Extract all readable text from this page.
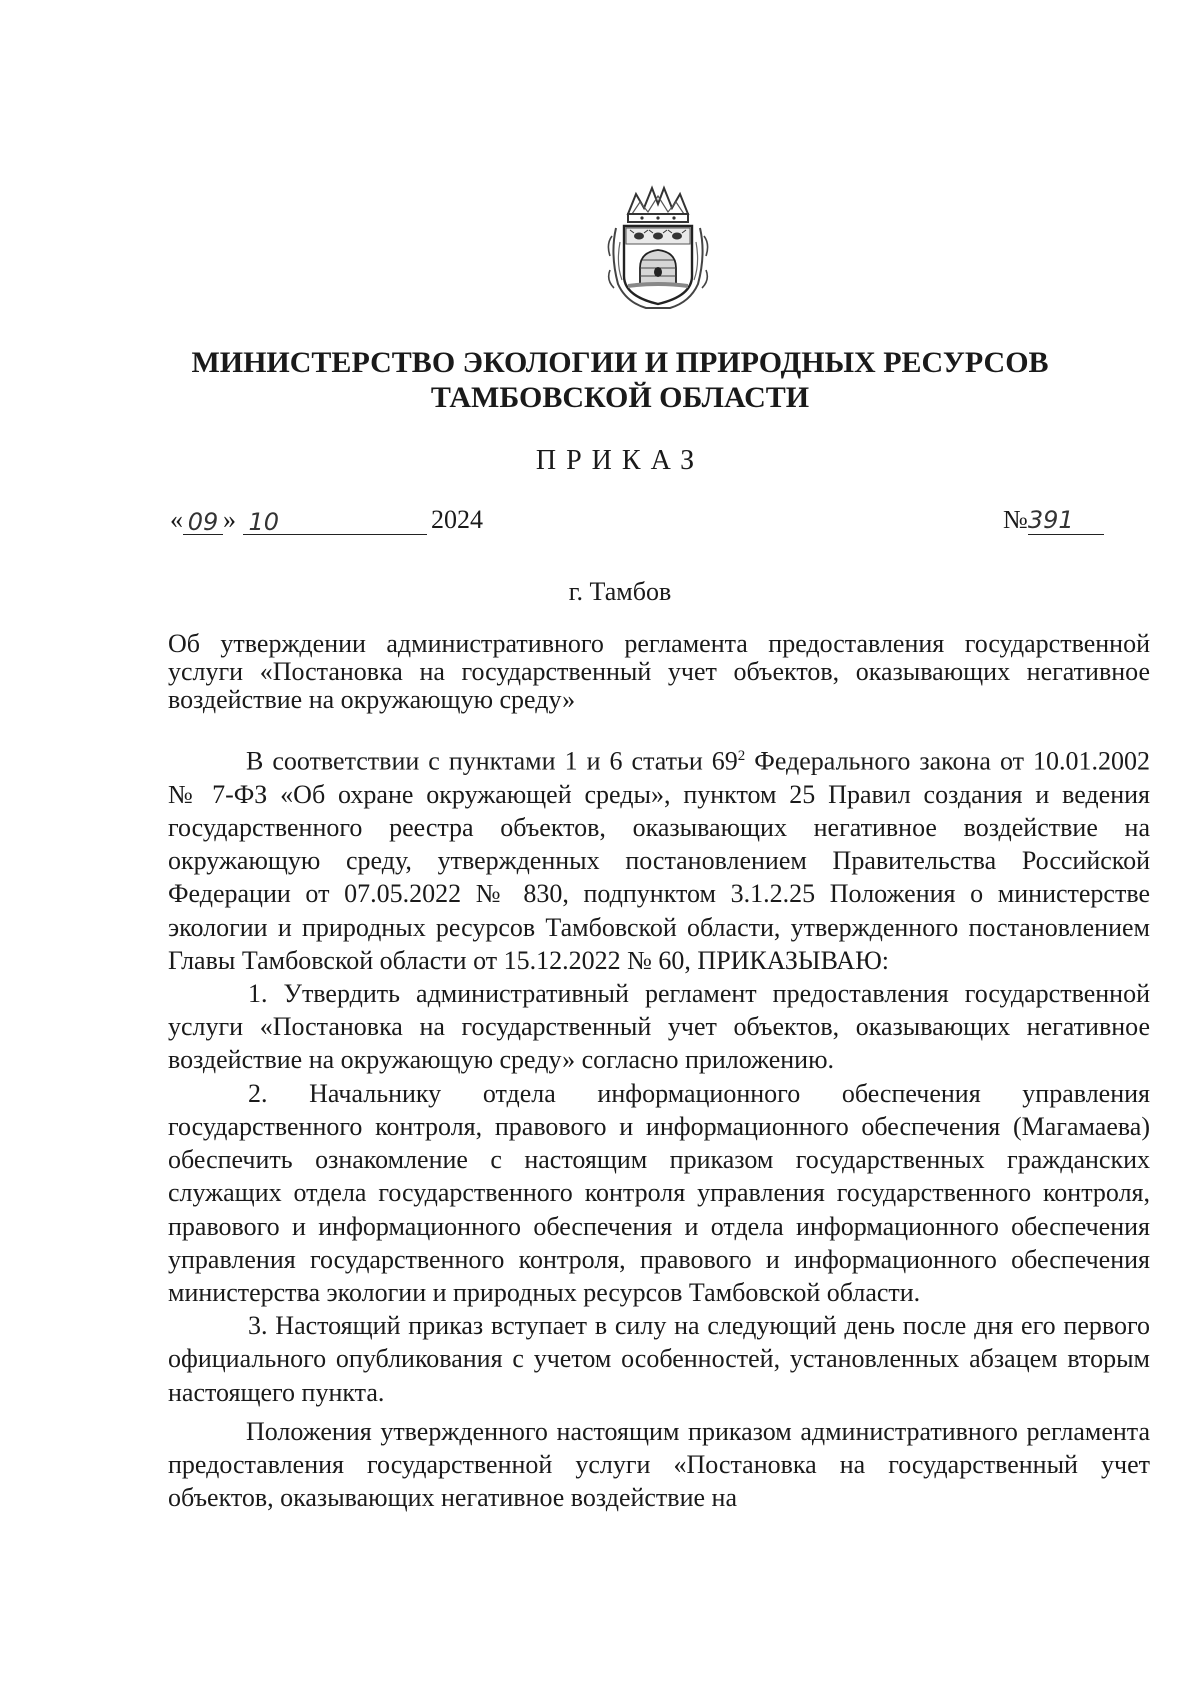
МИНИСТЕРСТВО ЭКОЛОГИИ И ПРИРОДНЫХ РЕСУРСОВ
ТАМБОВСКОЙ ОБЛАСТИ
ПРИКАЗ
« 09 » 10	2024	№391
г. Тамбов
Об утверждении административного регламента предоставления государственной услуги «Постановка на государственный учет объектов, оказывающих негативное воздействие на окружающую среду»

В соответствии с пунктами 1 и 6 статьи $69^2$ Федерального закона от 10.01.2002 № 7-ФЗ «Об охране окружающей среды», пунктом 25 Правил создания и ведения государственного реестра объектов, оказывающих негативное воздействие на окружающую среду, утвержденных постановлением Правительства Российской Федерации от 07.05.2022 № 830, подпунктом 3.1.2.25 Положения о министерстве экологии и природных ресурсов Тамбовской области, утвержденного постановлением Главы Тамбовской области от 15.12.2022 № 60, ПРИКАЗЫВАЮ:

1. Утвердить административный регламент предоставления государственной услуги «Постановка на государственный учет объектов, оказывающих негативное воздействие на окружающую среду» согласно приложению.

2. Начальнику отдела информационного обеспечения управления государственного контроля, правового и информационного обеспечения (Магамаева) обеспечить ознакомление с настоящим приказом государственных гражданских служащих отдела государственного контроля управления государственного контроля, правового и информационного обеспечения и отдела информационного обеспечения управления государственного контроля, правового и информационного обеспечения министерства экологии и природных ресурсов Тамбовской области.

3. Настоящий приказ вступает в силу на следующий день после дня его первого официального опубликования с учетом особенностей, установленных абзацем вторым настоящего пункта.

Положения утвержденного настоящим приказом административного регламента предоставления государственной услуги «Постановка на государственный учет объектов, оказывающих негативное воздействие на
